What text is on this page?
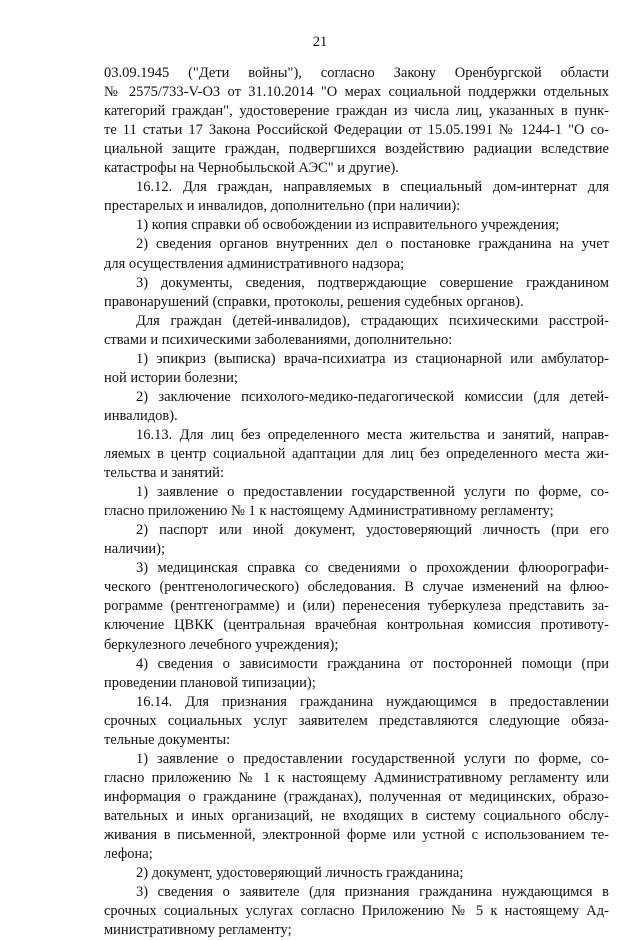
21
03.09.1945 ("Дети войны"), согласно Закону Оренбургской области
№ 2575/733-V-ОЗ от 31.10.2014 "О мерах социальной поддержки отдельных
категорий граждан", удостоверение граждан из числа лиц, указанных в пунк-
те 11 статьи 17 Закона Российской Федерации от 15.05.1991 № 1244-1 "О со-
циальной защите граждан, подвергшихся воздействию радиации вследствие
катастрофы на Чернобыльской АЭС" и другие).
16.12. Для граждан, направляемых в специальный дом-интернат для
престарелых и инвалидов, дополнительно (при наличии):
1) копия справки об освобождении из исправительного учреждения;
2) сведения органов внутренних дел о постановке гражданина на учет
для осуществления административного надзора;
3) документы, сведения, подтверждающие совершение гражданином
правонарушений (справки, протоколы, решения судебных органов).
Для граждан (детей-инвалидов), страдающих психическими расстрой-
ствами и психическими заболеваниями, дополнительно:
1) эпикриз (выписка) врача-психиатра из стационарной или амбулатор-
ной истории болезни;
2) заключение психолого-медико-педагогической комиссии (для детей-
инвалидов).
16.13. Для лиц без определенного места жительства и занятий, направ-
ляемых в центр социальной адаптации для лиц без определенного места жи-
тельства и занятий:
1) заявление о предоставлении государственной услуги по форме, со-
гласно приложению № 1 к настоящему Административному регламенту;
2) паспорт или иной документ, удостоверяющий личность (при его
наличии);
3) медицинская справка со сведениями о прохождении флюорографи-
ческого (рентгенологического) обследования. В случае изменений на флюо-
рограмме (рентгенограмме) и (или) перенесения туберкулеза представить за-
ключение ЦВКК (центральная врачебная контрольная комиссия противоту-
беркулезного лечебного учреждения);
4) сведения о зависимости гражданина от посторонней помощи (при
проведении плановой типизации);
16.14. Для признания гражданина нуждающимся в предоставлении
срочных социальных услуг заявителем представляются следующие обяза-
тельные документы:
1) заявление о предоставлении государственной услуги по форме, со-
гласно приложению № 1 к настоящему Административному регламенту или
информация о гражданине (гражданах), полученная от медицинских, образо-
вательных и иных организаций, не входящих в систему социального обслу-
живания в письменной, электронной форме или устной с использованием те-
лефона;
2) документ, удостоверяющий личность гражданина;
3) сведения о заявителе (для признания гражданина нуждающимся в
срочных социальных услугах согласно Приложению № 5 к настоящему Ад-
министративному регламенту;
